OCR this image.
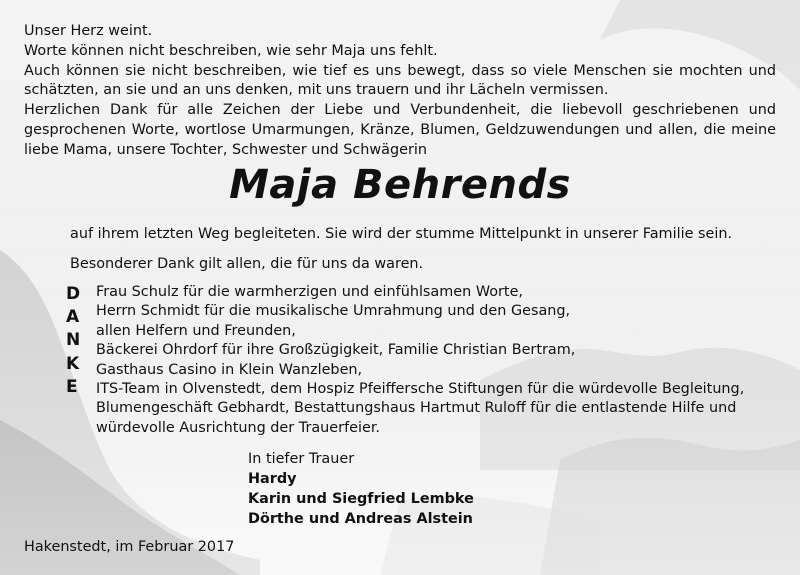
Unser Herz weint.

Worte können nicht beschreiben, wie sehr Maja uns fehlt.

Auch können sie nicht beschreiben, wie tief es uns bewegt, dass so viele Menschen sie mochten und schätzten, an sie und an uns denken, mit uns trauern und ihr Lächeln vermissen.

Herzlichen Dank für alle Zeichen der Liebe und Verbundenheit, die liebevoll geschriebenen und gesprochenen Worte, wortlose Umarmungen, Kränze, Blumen, Geldzuwendungen und allen, die meine liebe Mama, unsere Tochter, Schwester und Schwägerin

Maja Behrends
auf ihrem letzten Weg begleiteten. Sie wird der stumme Mittelpunkt in unserer Familie sein.
Besonderer Dank gilt allen, die für uns da waren.
D
A
N
K
E
Frau Schulz für die warmherzigen und einfühlsamen Worte,
Herrn Schmidt für die musikalische Umrahmung und den Gesang,
allen Helfern und Freunden,
Bäckerei Ohrdorf für ihre Großzügigkeit, Familie Christian Bertram,
Gasthaus Casino in Klein Wanzleben,
ITS-Team in Olvenstedt, dem Hospiz Pfeiffersche Stiftungen für die würdevolle Begleitung,
Blumengeschäft Gebhardt, Bestattungshaus Hartmut Ruloff für die entlastende Hilfe und
würdevolle Ausrichtung der Trauerfeier.
In tiefer Trauer
Hardy
Karin und Siegfried Lembke
Dörthe und Andreas Alstein
Hakenstedt, im Februar 2017
